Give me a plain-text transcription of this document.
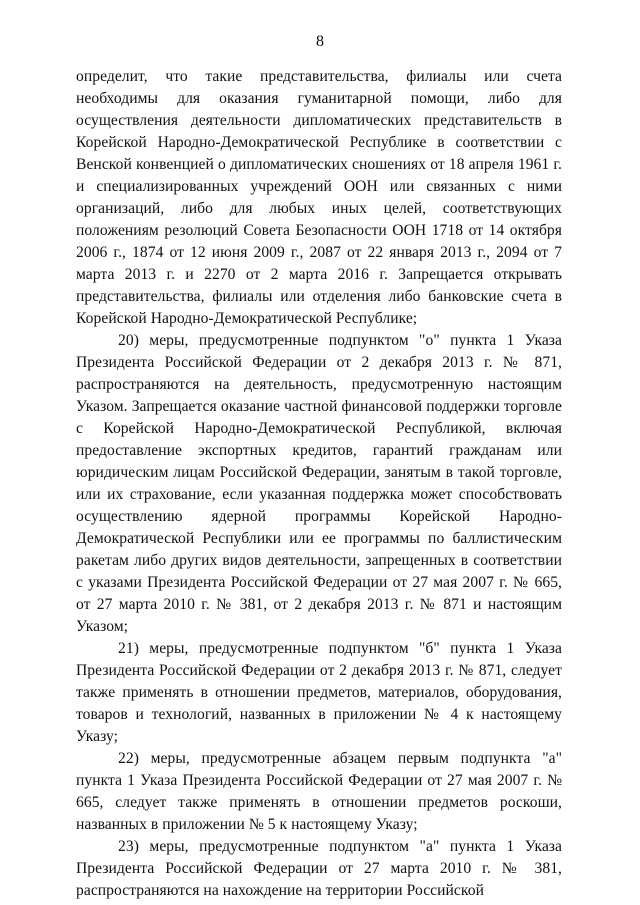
8

определит, что такие представительства, филиалы или счета необходимы для оказания гуманитарной помощи, либо для осуществления деятельности дипломатических представительств в Корейской Народно-Демократической Республике в соответствии с Венской конвенцией о дипломатических сношениях от 18 апреля 1961 г. и специализированных учреждений ООН или связанных с ними организаций, либо для любых иных целей, соответствующих положениям резолюций Совета Безопасности ООН 1718 от 14 октября 2006 г., 1874 от 12 июня 2009 г., 2087 от 22 января 2013 г., 2094 от 7 марта 2013 г. и 2270 от 2 марта 2016 г. Запрещается открывать представительства, филиалы или отделения либо банковские счета в Корейской Народно-Демократической Республике;

20) меры, предусмотренные подпунктом "о" пункта 1 Указа Президента Российской Федерации от 2 декабря 2013 г. № 871, распространяются на деятельность, предусмотренную настоящим Указом. Запрещается оказание частной финансовой поддержки торговле с Корейской Народно-Демократической Республикой, включая предоставление экспортных кредитов, гарантий гражданам или юридическим лицам Российской Федерации, занятым в такой торговле, или их страхование, если указанная поддержка может способствовать осуществлению ядерной программы Корейской Народно-Демократической Республики или ее программы по баллистическим ракетам либо других видов деятельности, запрещенных в соответствии с указами Президента Российской Федерации от 27 мая 2007 г. № 665, от 27 марта 2010 г. № 381, от 2 декабря 2013 г. № 871 и настоящим Указом;

21) меры, предусмотренные подпунктом "б" пункта 1 Указа Президента Российской Федерации от 2 декабря 2013 г. № 871, следует также применять в отношении предметов, материалов, оборудования, товаров и технологий, названных в приложении № 4 к настоящему Указу;

22) меры, предусмотренные абзацем первым подпункта "а" пункта 1 Указа Президента Российской Федерации от 27 мая 2007 г. № 665, следует также применять в отношении предметов роскоши, названных в приложении № 5 к настоящему Указу;

23) меры, предусмотренные подпунктом "а" пункта 1 Указа Президента Российской Федерации от 27 марта 2010 г. № 381, распространяются на нахождение на территории Российской
